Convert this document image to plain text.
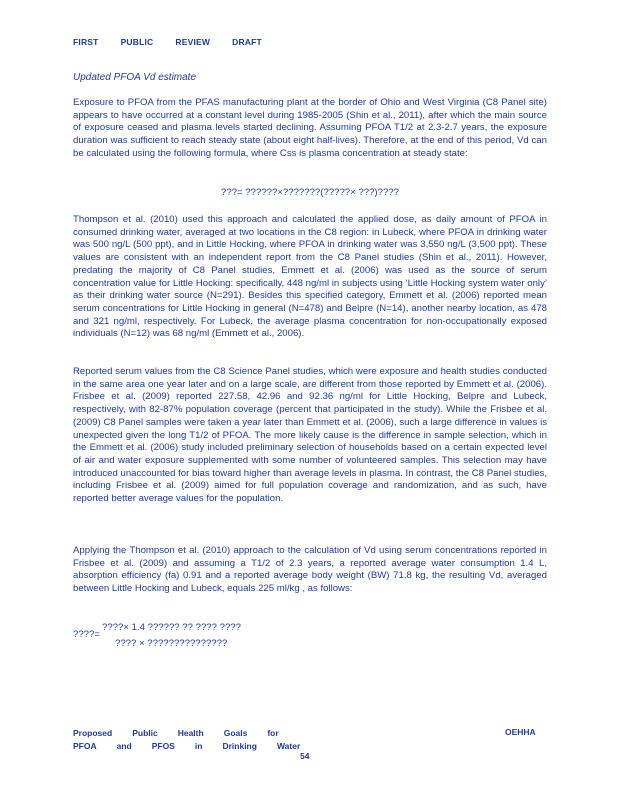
FIRST	PUBLIC	REVIEW	DRAFT
Updated PFOA Vd estimate

Exposure to PFOA from the PFAS manufacturing plant at the border of Ohio and West Virginia (C8 Panel site) appears to have occurred at a constant level during 1985-2005 (Shin et al., 2011), after which the main source of exposure ceased and plasma levels started declining. Assuming PFOA T1/2 at 2.3-2.7 years, the exposure duration was sufficient to reach steady state (about eight half-lives). Therefore, at the end of this period, Vd can be calculated using the following formula, where Css is plasma concentration at steady state:

???= ??????×???????(?????× ???)????

Thompson et al. (2010) used this approach and calculated the applied dose, as daily amount of PFOA in consumed drinking water, averaged at two locations in the C8 region: in Lubeck, where PFOA in drinking water was 500 ng/L (500 ppt), and in Little Hocking, where PFOA in drinking water was 3,550 ng/L (3,500 ppt). These values are consistent with an independent report from the C8 Panel studies (Shin et al., 2011). However, predating the majority of C8 Panel studies, Emmett et al. (2006) was used as the source of serum concentration value for Little Hocking: specifically, 448 ng/ml in subjects using ‘Little Hocking system water only’ as their drinking water source (N=291). Besides this specified category, Emmett et al. (2006) reported mean serum concentrations for Little Hocking in general (N=478) and Belpre (N=14), another nearby location, as 478 and 321 ng/ml, respectively. For Lubeck, the average plasma concentration for non-occupationally exposed individuals (N=12) was 68 ng/ml (Emmett et al., 2006).

Reported serum values from the C8 Science Panel studies, which were exposure and health studies conducted in the same area one year later and on a large scale, are different from those reported by Emmett et al. (2006). Frisbee et al. (2009) reported 227.58, 42.96 and 92.36 ng/ml for Little Hocking, Belpre and Lubeck, respectively, with 82-87% population coverage (percent that participated in the study). While the Frisbee et al. (2009) C8 Panel samples were taken a year later than Emmett et al. (2006), such a large difference in values is unexpected given the long T1/2 of PFOA. The more likely cause is the difference in sample selection, which in the Emmett et al. (2006) study included preliminary selection of households based on a certain expected level of air and water exposure supplemented with some number of volunteered samples. This selection may have introduced unaccounted for bias toward higher than average levels in plasma. In contrast, the C8 Panel studies, including Frisbee et al. (2009) aimed for full population coverage and randomization, and as such, have reported better average values for the population.

Applying the Thompson et al. (2010) approach to the calculation of Vd using serum concentrations reported in Frisbee et al. (2009) and assuming a T1/2 of 2.3 years, a reported average water consumption 1.4 L, absorption efficiency (fa) 0.91 and a reported average body weight (BW) 71.8 kg, the resulting Vd, averaged between Little Hocking and Lubeck, equals 225 ml/kg , as follows:

????× 1.4 ?????? ?? ???? ????
????=
???? × ???????????????
Proposed Public Health Goals for
PFOA and PFOS in Drinking Water
OEHHA
54
